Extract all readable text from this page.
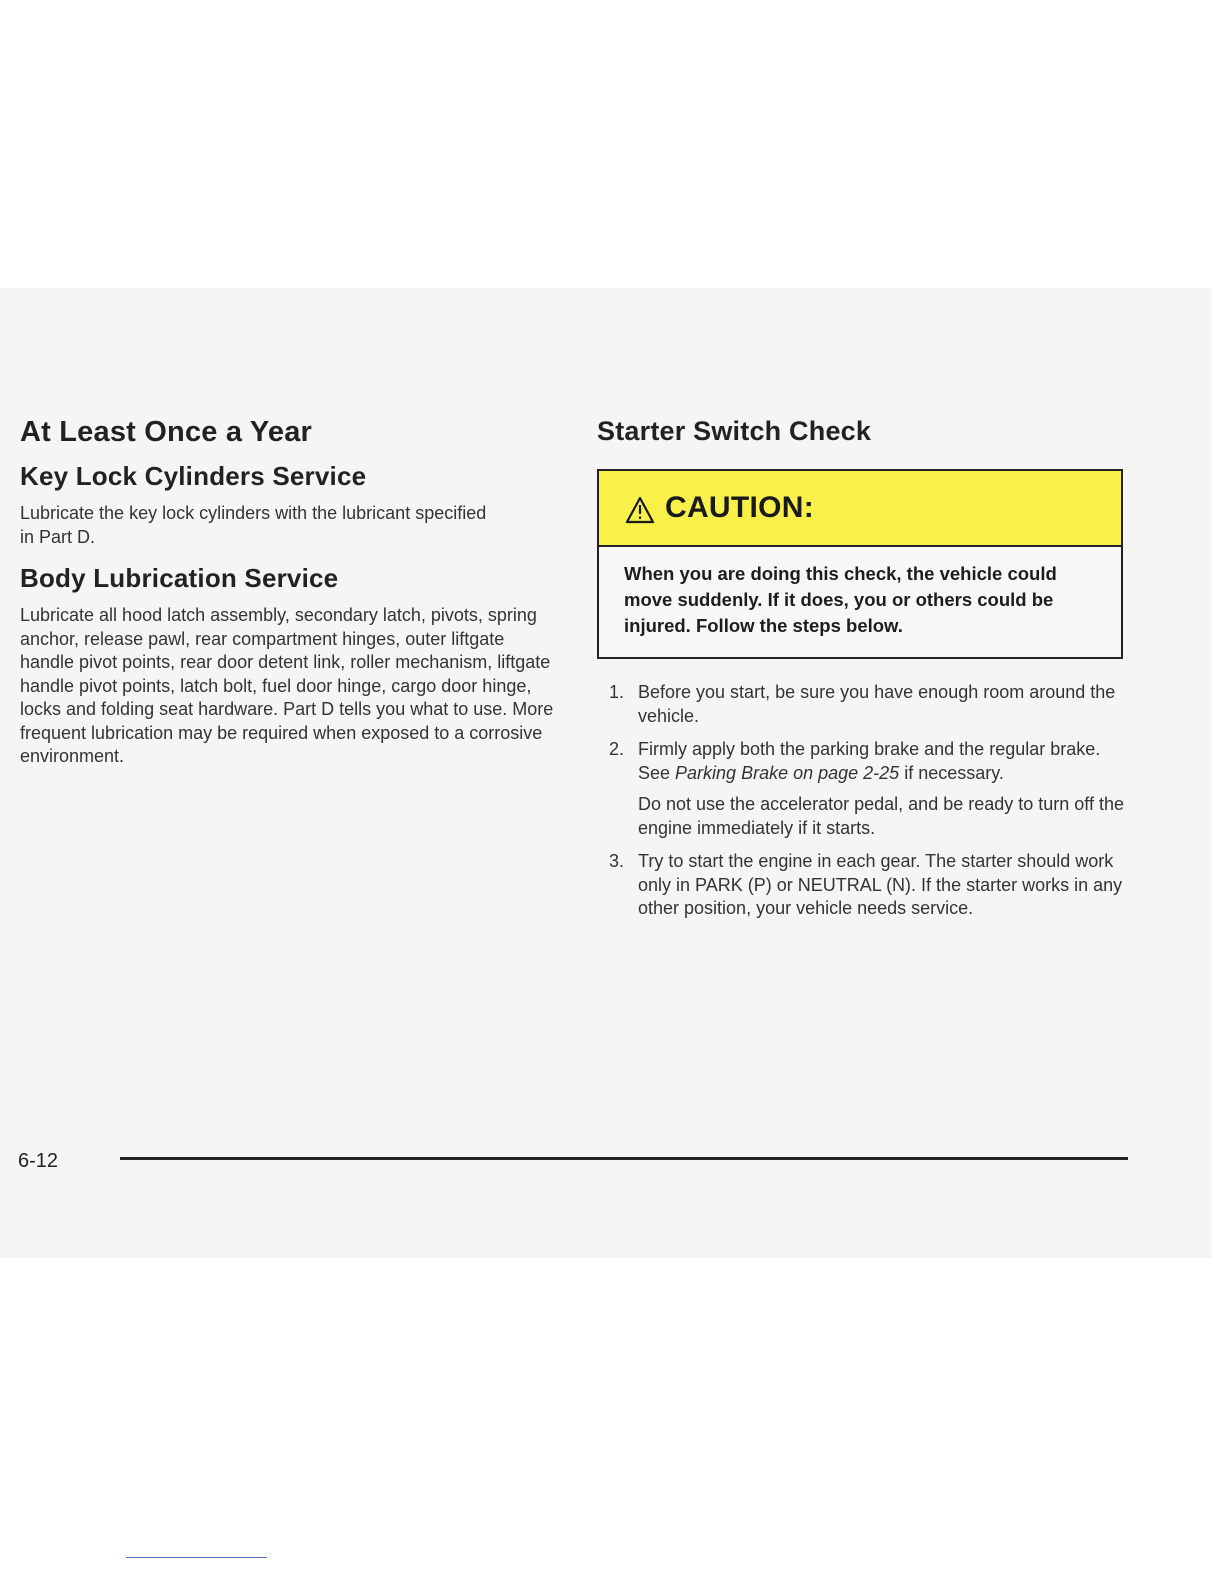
At Least Once a Year
Key Lock Cylinders Service

Lubricate the key lock cylinders with the lubricant specified in Part D.

Body Lubrication Service

Lubricate all hood latch assembly, secondary latch, pivots, spring anchor, release pawl, rear compartment hinges, outer liftgate handle pivot points, rear door detent link, roller mechanism, liftgate handle pivot points, latch bolt, fuel door hinge, cargo door hinge, locks and folding seat hardware. Part D tells you what to use. More frequent lubrication may be required when exposed to a corrosive environment.

Starter Switch Check
CAUTION:
When you are doing this check, the vehicle could move suddenly. If it does, you or others could be injured. Follow the steps below.
1. Before you start, be sure you have enough room around the vehicle.

2. Firmly apply both the parking brake and the regular brake. See Parking Brake on page 2-25 if necessary.

Do not use the accelerator pedal, and be ready to turn off the engine immediately if it starts.

3. Try to start the engine in each gear. The starter should work only in PARK (P) or NEUTRAL (N). If the starter works in any other position, your vehicle needs service.

6-12
